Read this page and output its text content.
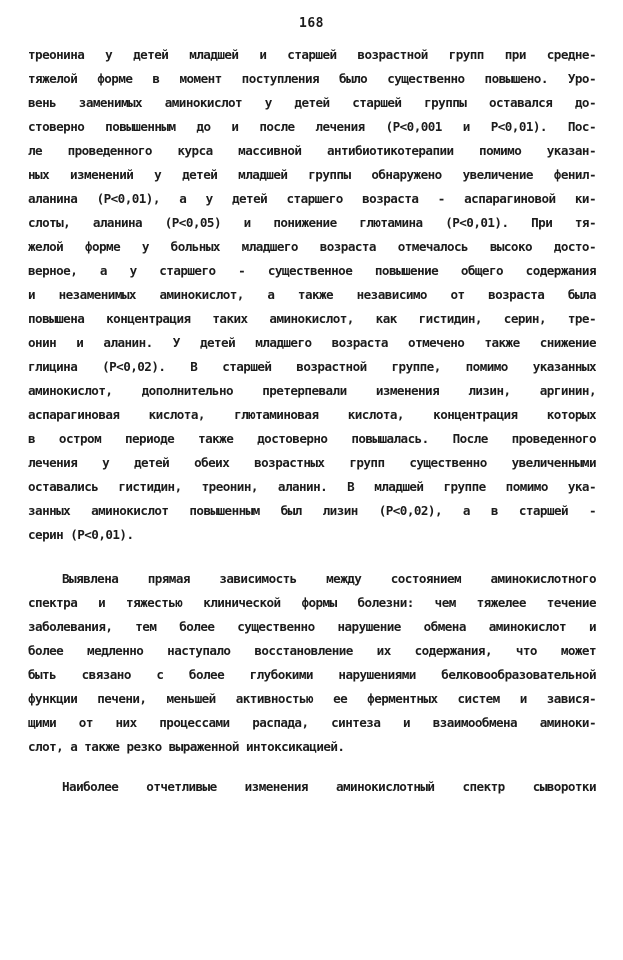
168
треонина у детей младшей и старшей возрастной групп при средне-
тяжелой форме в момент поступления было существенно повышено. Уро-
вень заменимых аминокислот у детей старшей группы оставался до-
стоверно повышенным до и после лечения (P<0,001 и P<0,01). Пос-
ле проведенного курса массивной антибиотикотерапии помимо указан-
ных изменений у детей младшей группы обнаружено увеличение фенил-
аланина (P<0,01), а у детей старшего возраста - аспарагиновой ки-
слоты, аланина (P<0,05) и понижение глютамина (P<0,01). При тя-
желой форме у больных младшего возраста отмечалось высоко досто-
верное, а у старшего - существенное повышение общего содержания
и незаменимых аминокислот, а также независимо от возраста была
повышена концентрация таких аминокислот, как гистидин, серин, тре-
онин и аланин. У детей младшего возраста отмечено также снижение
глицина (P<0,02). В старшей возрастной группе, помимо указанных
аминокислот, дополнительно претерпевали изменения лизин, аргинин,
аспарагиновая кислота, глютаминовая кислота, концентрация которых
в остром периоде также достоверно повышалась. После проведенного
лечения у детей обеих возрастных групп существенно увеличенными
оставались гистидин, треонин, аланин. В младшей группе помимо ука-
занных аминокислот повышенным был лизин (P<0,02), а в старшей -
серин (P<0,01).
Выявлена прямая зависимость между состоянием аминокислотного
спектра и тяжестью клинической формы болезни: чем тяжелее течение
заболевания, тем более существенно нарушение обмена аминокислот и
более медленно наступало восстановление их содержания, что может
быть связано с более глубокими нарушениями белковообразовательной
функции печени, меньшей активностью ее ферментных систем и завися-
щими от них процессами распада, синтеза и взаимообмена аминоки-
слот, а также резко выраженной интоксикацией.
Наиболее отчетливые изменения аминокислотный спектр сыворотки
